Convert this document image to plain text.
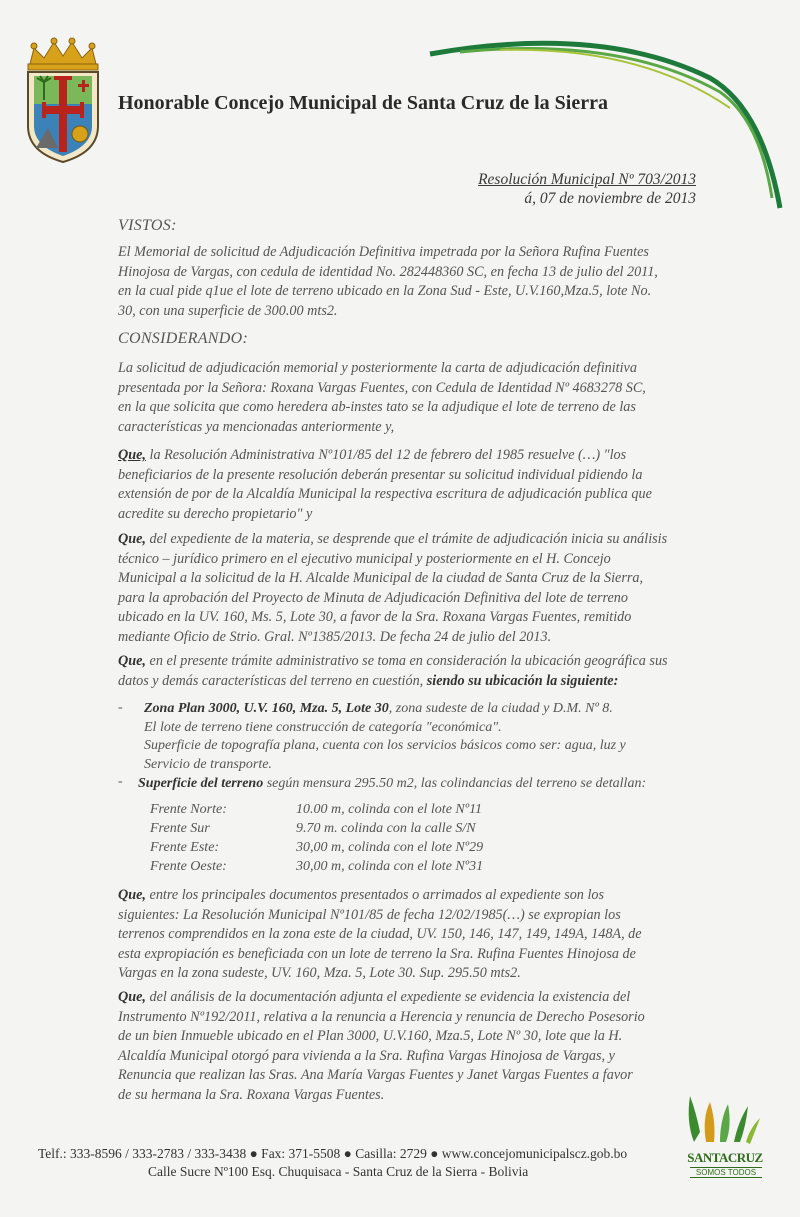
Honorable Concejo Municipal de Santa Cruz de la Sierra
Resolución Municipal Nº 703/2013
á, 07 de noviembre de 2013
VISTOS:
El Memorial de solicitud de Adjudicación Definitiva impetrada por la Señora Rufina Fuentes
Hinojosa de Vargas, con cedula de identidad No. 282448360 SC, en fecha 13 de julio del 2011,
en la cual pide q1ue el lote de terreno ubicado en la Zona Sud - Este, U.V.160,Mza.5, lote No.
30, con una superficie de 300.00 mts2.
CONSIDERANDO:
La solicitud de adjudicación memorial y posteriormente la carta de adjudicación definitiva
presentada por la Señora: Roxana Vargas Fuentes, con Cedula de Identidad Nº 4683278 SC,
en la que solicita que como heredera ab-instes tato se la adjudique el lote de terreno de las
características ya mencionadas anteriormente y,
Que, la Resolución Administrativa Nº101/85 del 12 de febrero del 1985 resuelve (…) "los
beneficiarios de la presente resolución deberán presentar su solicitud individual pidiendo la
extensión de por de la Alcaldía Municipal la respectiva escritura de adjudicación publica que
acredite su derecho propietario" y
Que, del expediente de la materia, se desprende que el trámite de adjudicación inicia su análisis
técnico – jurídico primero en el ejecutivo municipal y posteriormente en el H. Concejo
Municipal a la solicitud de la H. Alcalde Municipal de la ciudad de Santa Cruz de la Sierra,
para la aprobación del Proyecto de Minuta de Adjudicación Definitiva del lote de terreno
ubicado en la UV. 160, Ms. 5, Lote 30, a favor de la Sra. Roxana Vargas Fuentes, remitido
mediante Oficio de Strio. Gral. Nº1385/2013. De fecha 24 de julio del 2013.
Que, en el presente trámite administrativo se toma en consideración la ubicación geográfica sus
datos y demás características del terreno en cuestión, siendo su ubicación la siguiente:
- Zona Plan 3000, U.V. 160, Mza. 5, Lote 30, zona sudeste de la ciudad y D.M. Nº 8.
El lote de terreno tiene construcción de categoría "económica".
Superficie de topografía plana, cuenta con los servicios básicos como ser: agua, luz y
Servicio de transporte.
- Superficie del terreno según mensura 295.50 m2, las colindancias del terreno se detallan:
Frente Norte:	10.00 m, colinda con el lote Nº11
Frente Sur	9.70 m. colinda con la calle S/N
Frente Este:	30,00 m, colinda con el lote Nº29
Frente Oeste:	30,00 m, colinda con el lote Nº31
Que, entre los principales documentos presentados o arrimados al expediente son los
siguientes: La Resolución Municipal Nº101/85 de fecha 12/02/1985(…) se expropian los
terrenos comprendidos en la zona este de la ciudad, UV. 150, 146, 147, 149, 149A, 148A, de
esta expropiación es beneficiada con un lote de terreno la Sra. Rufina Fuentes Hinojosa de
Vargas en la zona sudeste, UV. 160, Mza. 5, Lote 30. Sup. 295.50 mts2.
Que, del análisis de la documentación adjunta el expediente se evidencia la existencia del
Instrumento Nº192/2011, relativa a la renuncia a Herencia y renuncia de Derecho Posesorio
de un bien Inmueble ubicado en el Plan 3000, U.V.160, Mza.5, Lote Nº 30, lote que la H.
Alcaldía Municipal otorgó para vivienda a la Sra. Rufina Vargas Hinojosa de Vargas, y
Renuncia que realizan las Sras. Ana María Vargas Fuentes y Janet Vargas Fuentes a favor
de su hermana la Sra. Roxana Vargas Fuentes.
SANTACRUZ
SOMOS TODOS
Telf.: 333-8596 / 333-2783 / 333-3438 ● Fax: 371-5508 ● Casilla: 2729 ● www.concejomunicipalscz.gob.bo
Calle Sucre Nº100 Esq. Chuquisaca - Santa Cruz de la Sierra - Bolivia
